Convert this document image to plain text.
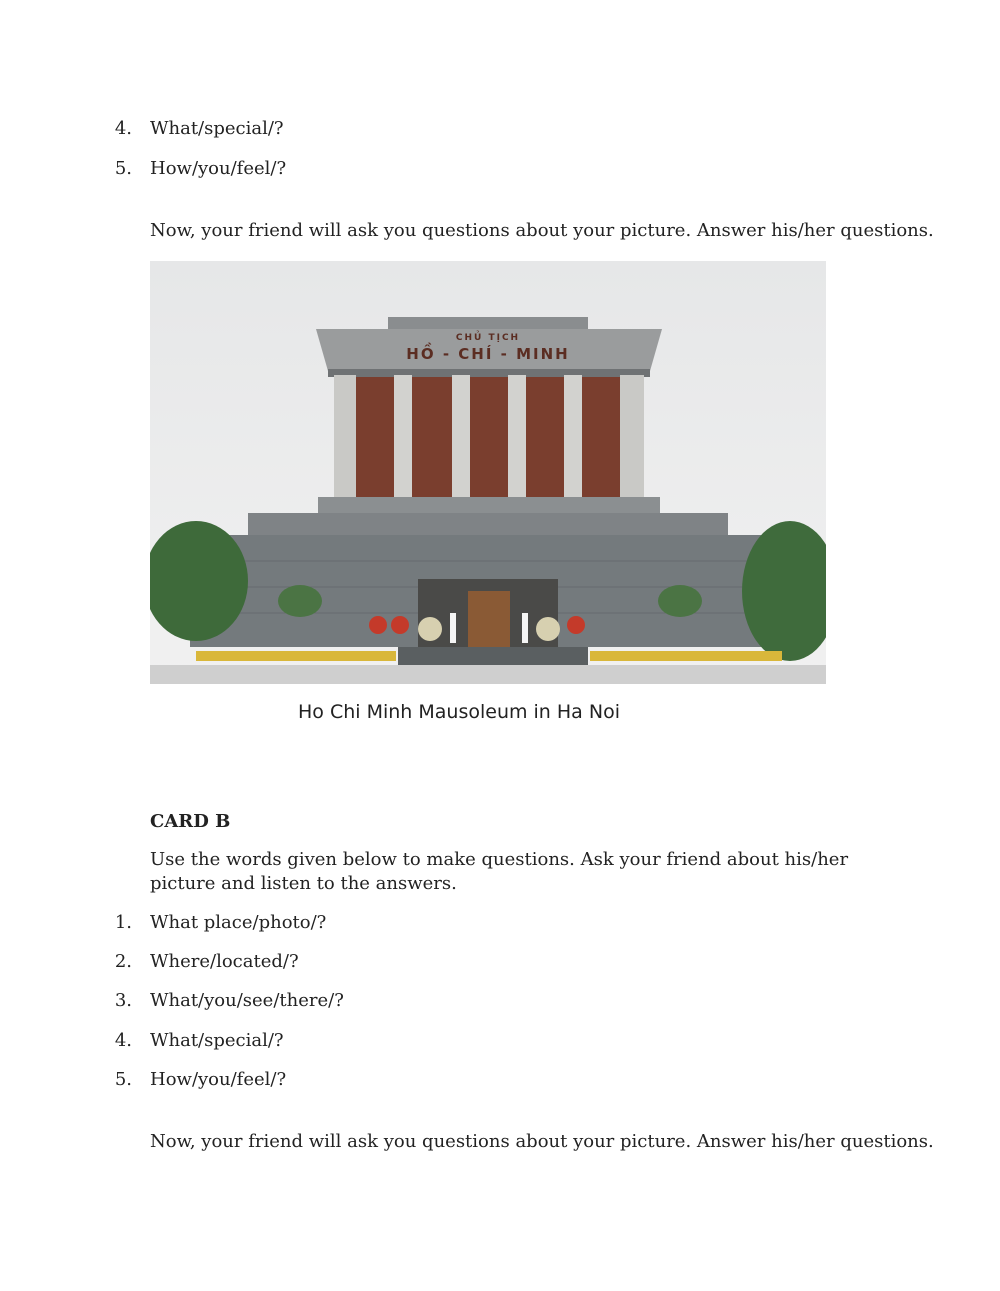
4. What/special/?
5. How/you/feel/?
Now, your friend will ask you questions about your picture. Answer his/her questions.
CHỦ TỊCH
HỒ - CHÍ - MINH
Ho Chi Minh Mausoleum in Ha Noi
CARD B
Use the words given below to make questions. Ask your friend about his/her picture and listen to the answers.
1. What place/photo/?
2. Where/located/?
3. What/you/see/there/?
4. What/special/?
5. How/you/feel/?
Now, your friend will ask you questions about your picture. Answer his/her questions.
